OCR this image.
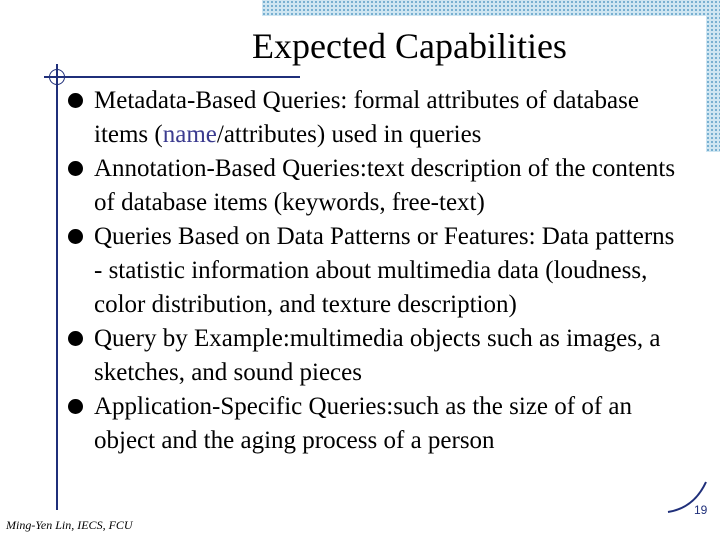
Expected Capabilities
Metadata-Based Queries: formal attributes of database items (name/attributes) used in queries
Annotation-Based Queries:text description of the contents of database items (keywords, free-text)
Queries Based on Data Patterns or Features: Data patterns - statistic information about multimedia data (loudness, color distribution, and texture description)
Query by Example:multimedia objects such as images, a sketches, and sound pieces
Application-Specific Queries:such as the size of of an object and the aging process of a person
Ming-Yen Lin, IECS, FCU
19
